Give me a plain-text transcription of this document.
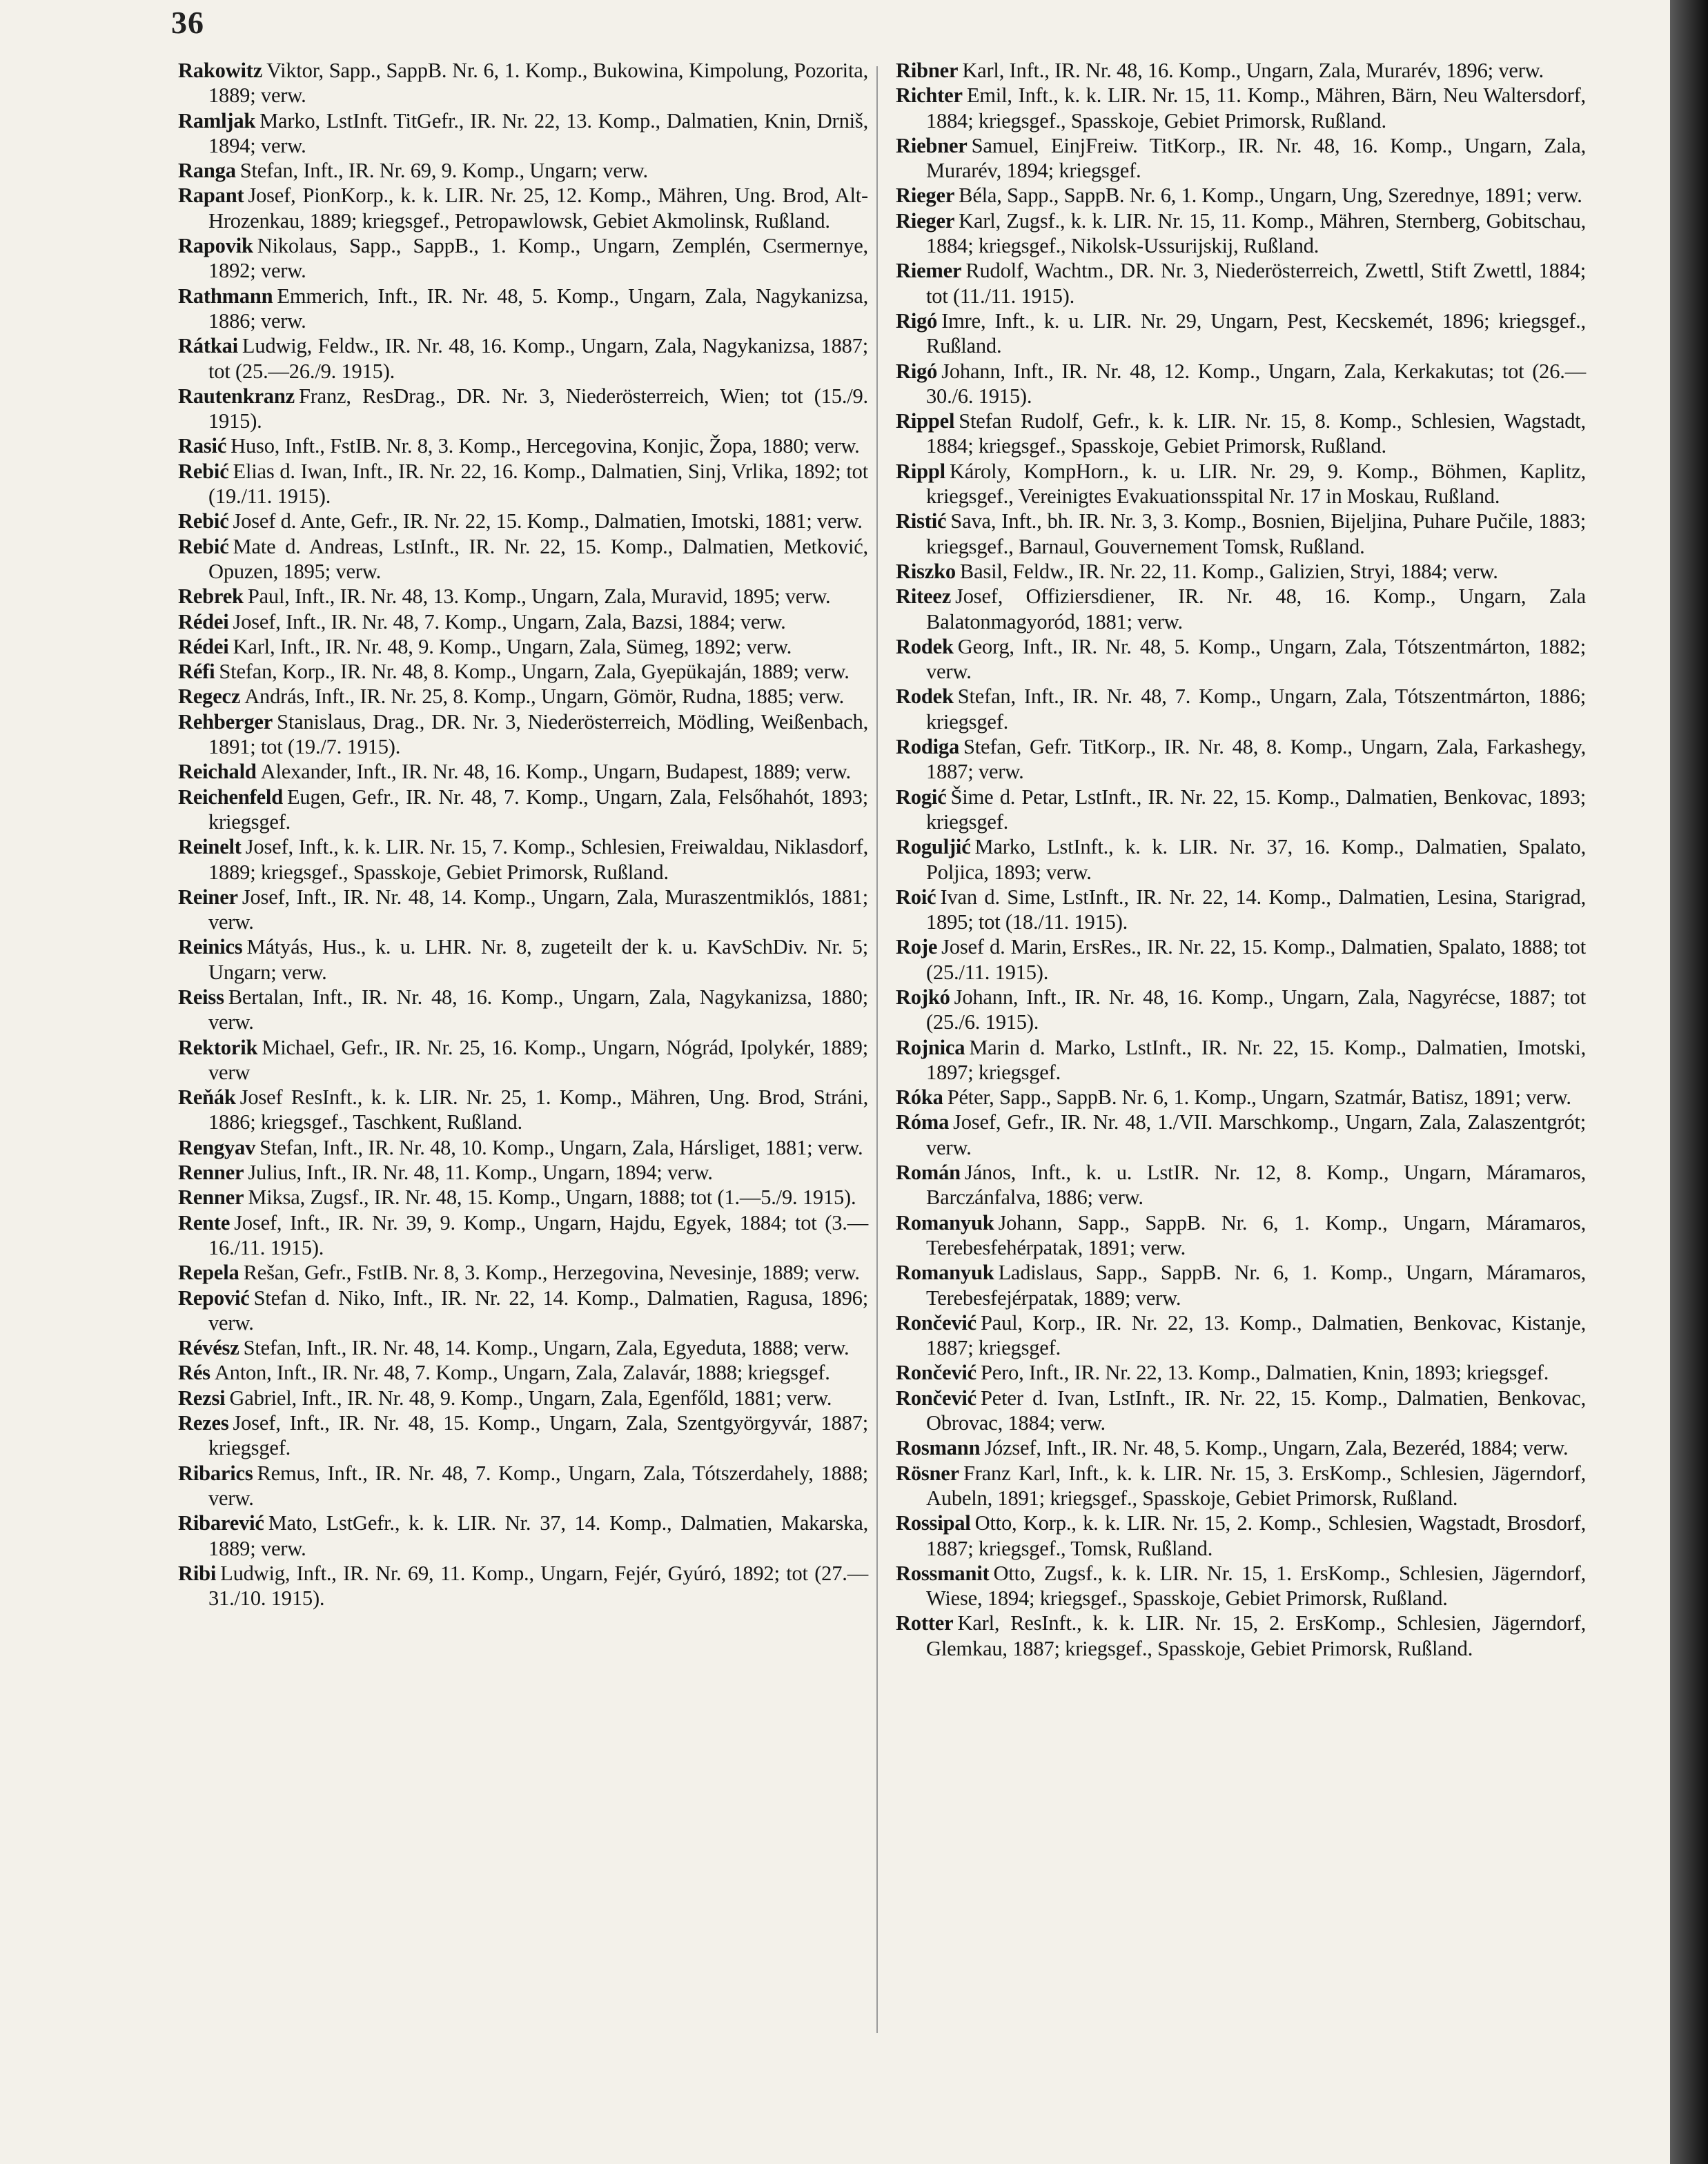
36

Rakowitz Viktor, Sapp., SappB. Nr. 6, 1. Komp., Bukowina, Kimpolung, Pozorita, 1889; verw.

Ramljak Marko, LstInft. TitGefr., IR. Nr. 22, 13. Komp., Dalmatien, Knin, Drniš, 1894; verw.

Ranga Stefan, Inft., IR. Nr. 69, 9. Komp., Ungarn; verw.

Rapant Josef, PionKorp., k. k. LIR. Nr. 25, 12. Komp., Mähren, Ung. Brod, Alt-Hrozenkau, 1889; kriegsgef., Petropawlowsk, Gebiet Akmolinsk, Rußland.

Rapovik Nikolaus, Sapp., SappB., 1. Komp., Ungarn, Zemplén, Csermernye, 1892; verw.

Rathmann Emmerich, Inft., IR. Nr. 48, 5. Komp., Ungarn, Zala, Nagykanizsa, 1886; verw.

Rátkai Ludwig, Feldw., IR. Nr. 48, 16. Komp., Ungarn, Zala, Nagykanizsa, 1887; tot (25.—26./9. 1915).

Rautenkranz Franz, ResDrag., DR. Nr. 3, Niederösterreich, Wien; tot (15./9. 1915).

Rasić Huso, Inft., FstIB. Nr. 8, 3. Komp., Hercegovina, Konjic, Žopa, 1880; verw.

Rebić Elias d. Iwan, Inft., IR. Nr. 22, 16. Komp., Dalmatien, Sinj, Vrlika, 1892; tot (19./11. 1915).

Rebić Josef d. Ante, Gefr., IR. Nr. 22, 15. Komp., Dalmatien, Imotski, 1881; verw.

Rebić Mate d. Andreas, LstInft., IR. Nr. 22, 15. Komp., Dalmatien, Metković, Opuzen, 1895; verw.

Rebrek Paul, Inft., IR. Nr. 48, 13. Komp., Ungarn, Zala, Muravid, 1895; verw.

Rédei Josef, Inft., IR. Nr. 48, 7. Komp., Ungarn, Zala, Bazsi, 1884; verw.

Rédei Karl, Inft., IR. Nr. 48, 9. Komp., Ungarn, Zala, Sümeg, 1892; verw.

Réfi Stefan, Korp., IR. Nr. 48, 8. Komp., Ungarn, Zala, Gyepükaján, 1889; verw.

Regecz András, Inft., IR. Nr. 25, 8. Komp., Ungarn, Gömör, Rudna, 1885; verw.

Rehberger Stanislaus, Drag., DR. Nr. 3, Niederösterreich, Mödling, Weißenbach, 1891; tot (19./7. 1915).

Reichald Alexander, Inft., IR. Nr. 48, 16. Komp., Ungarn, Budapest, 1889; verw.

Reichenfeld Eugen, Gefr., IR. Nr. 48, 7. Komp., Ungarn, Zala, Felsőhahót, 1893; kriegsgef.

Reinelt Josef, Inft., k. k. LIR. Nr. 15, 7. Komp., Schlesien, Freiwaldau, Niklasdorf, 1889; kriegsgef., Spasskoje, Gebiet Primorsk, Rußland.

Reiner Josef, Inft., IR. Nr. 48, 14. Komp., Ungarn, Zala, Muraszentmiklós, 1881; verw.

Reinics Mátyás, Hus., k. u. LHR. Nr. 8, zugeteilt der k. u. KavSchDiv. Nr. 5; Ungarn; verw.

Reiss Bertalan, Inft., IR. Nr. 48, 16. Komp., Ungarn, Zala, Nagykanizsa, 1880; verw.

Rektorik Michael, Gefr., IR. Nr. 25, 16. Komp., Ungarn, Nógrád, Ipolykér, 1889; verw

Reňák Josef ResInft., k. k. LIR. Nr. 25, 1. Komp., Mähren, Ung. Brod, Stráni, 1886; kriegsgef., Taschkent, Rußland.

Rengyav Stefan, Inft., IR. Nr. 48, 10. Komp., Ungarn, Zala, Hársliget, 1881; verw.

Renner Julius, Inft., IR. Nr. 48, 11. Komp., Ungarn, 1894; verw.

Renner Miksa, Zugsf., IR. Nr. 48, 15. Komp., Ungarn, 1888; tot (1.—5./9. 1915).

Rente Josef, Inft., IR. Nr. 39, 9. Komp., Ungarn, Hajdu, Egyek, 1884; tot (3.—16./11. 1915).

Repela Rešan, Gefr., FstIB. Nr. 8, 3. Komp., Herzegovina, Nevesinje, 1889; verw.

Repović Stefan d. Niko, Inft., IR. Nr. 22, 14. Komp., Dalmatien, Ragusa, 1896; verw.

Révész Stefan, Inft., IR. Nr. 48, 14. Komp., Ungarn, Zala, Egyeduta, 1888; verw.

Rés Anton, Inft., IR. Nr. 48, 7. Komp., Ungarn, Zala, Zalavár, 1888; kriegsgef.

Rezsi Gabriel, Inft., IR. Nr. 48, 9. Komp., Ungarn, Zala, Egenfőld, 1881; verw.

Rezes Josef, Inft., IR. Nr. 48, 15. Komp., Ungarn, Zala, Szentgyörgyvár, 1887; kriegsgef.

Ribarics Remus, Inft., IR. Nr. 48, 7. Komp., Ungarn, Zala, Tótszerdahely, 1888; verw.

Ribarević Mato, LstGefr., k. k. LIR. Nr. 37, 14. Komp., Dalmatien, Makarska, 1889; verw.

Ribi Ludwig, Inft., IR. Nr. 69, 11. Komp., Ungarn, Fejér, Gyúró, 1892; tot (27.—31./10. 1915).

Ribner Karl, Inft., IR. Nr. 48, 16. Komp., Ungarn, Zala, Murarév, 1896; verw.

Richter Emil, Inft., k. k. LIR. Nr. 15, 11. Komp., Mähren, Bärn, Neu Waltersdorf, 1884; kriegsgef., Spasskoje, Gebiet Primorsk, Rußland.

Riebner Samuel, EinjFreiw. TitKorp., IR. Nr. 48, 16. Komp., Ungarn, Zala, Murarév, 1894; kriegsgef.

Rieger Béla, Sapp., SappB. Nr. 6, 1. Komp., Ungarn, Ung, Szerednye, 1891; verw.

Rieger Karl, Zugsf., k. k. LIR. Nr. 15, 11. Komp., Mähren, Sternberg, Gobitschau, 1884; kriegsgef., Nikolsk-Ussurijskij, Rußland.

Riemer Rudolf, Wachtm., DR. Nr. 3, Niederösterreich, Zwettl, Stift Zwettl, 1884; tot (11./11. 1915).

Rigó Imre, Inft., k. u. LIR. Nr. 29, Ungarn, Pest, Kecskemét, 1896; kriegsgef., Rußland.

Rigó Johann, Inft., IR. Nr. 48, 12. Komp., Ungarn, Zala, Kerkakutas; tot (26.—30./6. 1915).

Rippel Stefan Rudolf, Gefr., k. k. LIR. Nr. 15, 8. Komp., Schlesien, Wagstadt, 1884; kriegsgef., Spasskoje, Gebiet Primorsk, Rußland.

Rippl Károly, KompHorn., k. u. LIR. Nr. 29, 9. Komp., Böhmen, Kaplitz, kriegsgef., Vereinigtes Evakuationsspital Nr. 17 in Moskau, Rußland.

Ristić Sava, Inft., bh. IR. Nr. 3, 3. Komp., Bosnien, Bijeljina, Puhare Pučile, 1883; kriegsgef., Barnaul, Gouvernement Tomsk, Rußland.

Riszko Basil, Feldw., IR. Nr. 22, 11. Komp., Galizien, Stryi, 1884; verw.

Riteez Josef, Offiziersdiener, IR. Nr. 48, 16. Komp., Ungarn, Zala Balatonmagyoród, 1881; verw.

Rodek Georg, Inft., IR. Nr. 48, 5. Komp., Ungarn, Zala, Tótszentmárton, 1882; verw.

Rodek Stefan, Inft., IR. Nr. 48, 7. Komp., Ungarn, Zala, Tótszentmárton, 1886; kriegsgef.

Rodiga Stefan, Gefr. TitKorp., IR. Nr. 48, 8. Komp., Ungarn, Zala, Farkashegy, 1887; verw.

Rogić Šime d. Petar, LstInft., IR. Nr. 22, 15. Komp., Dalmatien, Benkovac, 1893; kriegsgef.

Roguljić Marko, LstInft., k. k. LIR. Nr. 37, 16. Komp., Dalmatien, Spalato, Poljica, 1893; verw.

Roić Ivan d. Sime, LstInft., IR. Nr. 22, 14. Komp., Dalmatien, Lesina, Starigrad, 1895; tot (18./11. 1915).

Roje Josef d. Marin, ErsRes., IR. Nr. 22, 15. Komp., Dalmatien, Spalato, 1888; tot (25./11. 1915).

Rojkó Johann, Inft., IR. Nr. 48, 16. Komp., Ungarn, Zala, Nagyrécse, 1887; tot (25./6. 1915).

Rojnica Marin d. Marko, LstInft., IR. Nr. 22, 15. Komp., Dalmatien, Imotski, 1897; kriegsgef.

Róka Péter, Sapp., SappB. Nr. 6, 1. Komp., Ungarn, Szatmár, Batisz, 1891; verw.

Róma Josef, Gefr., IR. Nr. 48, 1./VII. Marschkomp., Ungarn, Zala, Zalaszentgrót; verw.

Román János, Inft., k. u. LstIR. Nr. 12, 8. Komp., Ungarn, Máramaros, Barczánfalva, 1886; verw.

Romanyuk Johann, Sapp., SappB. Nr. 6, 1. Komp., Ungarn, Máramaros, Terebesfehérpatak, 1891; verw.

Romanyuk Ladislaus, Sapp., SappB. Nr. 6, 1. Komp., Ungarn, Máramaros, Terebesfejérpatak, 1889; verw.

Rončević Paul, Korp., IR. Nr. 22, 13. Komp., Dalmatien, Benkovac, Kistanje, 1887; kriegsgef.

Rončević Pero, Inft., IR. Nr. 22, 13. Komp., Dalmatien, Knin, 1893; kriegsgef.

Rončević Peter d. Ivan, LstInft., IR. Nr. 22, 15. Komp., Dalmatien, Benkovac, Obrovac, 1884; verw.

Rosmann József, Inft., IR. Nr. 48, 5. Komp., Ungarn, Zala, Bezeréd, 1884; verw.

Rösner Franz Karl, Inft., k. k. LIR. Nr. 15, 3. ErsKomp., Schlesien, Jägerndorf, Aubeln, 1891; kriegsgef., Spasskoje, Gebiet Primorsk, Rußland.

Rossipal Otto, Korp., k. k. LIR. Nr. 15, 2. Komp., Schlesien, Wagstadt, Brosdorf, 1887; kriegsgef., Tomsk, Rußland.

Rossmanit Otto, Zugsf., k. k. LIR. Nr. 15, 1. ErsKomp., Schlesien, Jägerndorf, Wiese, 1894; kriegsgef., Spasskoje, Gebiet Primorsk, Rußland.

Rotter Karl, ResInft., k. k. LIR. Nr. 15, 2. ErsKomp., Schlesien, Jägerndorf, Glemkau, 1887; kriegsgef., Spasskoje, Gebiet Primorsk, Rußland.
